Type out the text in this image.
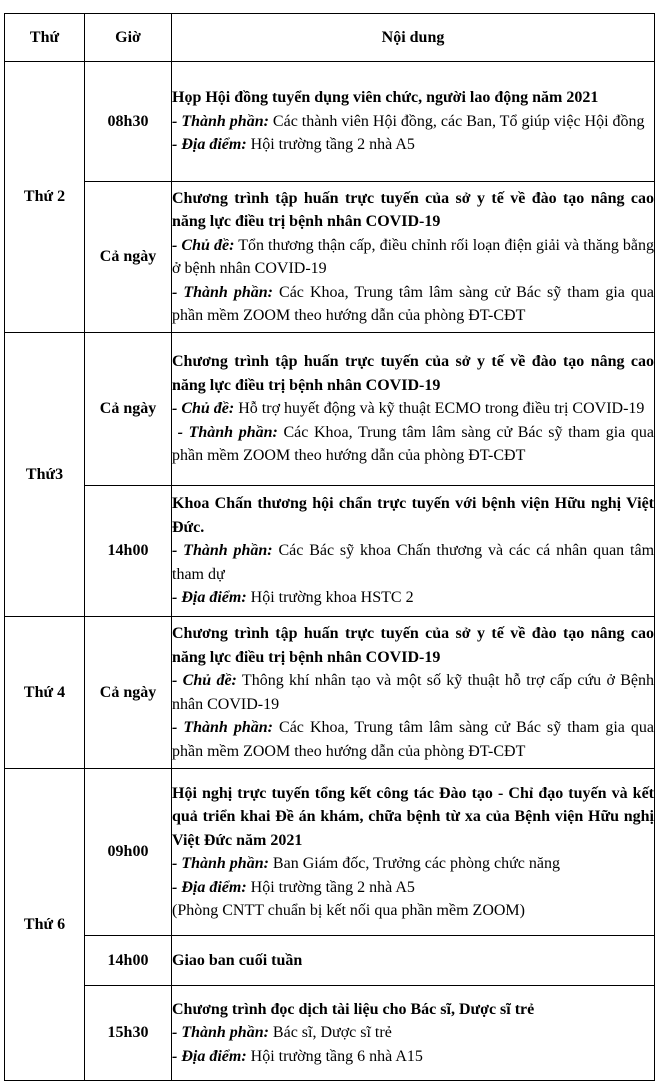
Thứ	Giờ	Nội dung
Thứ 2	08h30	Họp Hội đồng tuyển dụng viên chức, người lao động năm 2021
- Thành phần: Các thành viên Hội đồng, các Ban, Tổ giúp việc Hội đồng
- Địa điểm: Hội trường tầng 2 nhà A5

	Cả ngày	Chương trình tập huấn trực tuyến của sở y tế về đào tạo nâng cao năng lực điều trị bệnh nhân COVID-19
- Chủ đề: Tổn thương thận cấp, điều chỉnh rối loạn điện giải và thăng bằng ở bệnh nhân COVID-19
- Thành phần: Các Khoa, Trung tâm lâm sàng cử Bác sỹ tham gia qua phần mềm ZOOM theo hướng dẫn của phòng ĐT-CĐT

Thứ3	Cả ngày	Chương trình tập huấn trực tuyến của sở y tế về đào tạo nâng cao năng lực điều trị bệnh nhân COVID-19
- Chủ đề: Hỗ trợ huyết động và kỹ thuật ECMO trong điều trị COVID-19
- Thành phần: Các Khoa, Trung tâm lâm sàng cử Bác sỹ tham gia qua phần mềm ZOOM theo hướng dẫn của phòng ĐT-CĐT

	14h00	Khoa Chấn thương hội chẩn trực tuyến với bệnh viện Hữu nghị Việt Đức.
- Thành phần: Các Bác sỹ khoa Chấn thương và các cá nhân quan tâm tham dự
- Địa điểm: Hội trường khoa HSTC 2

Thứ 4	Cả ngày	Chương trình tập huấn trực tuyến của sở y tế về đào tạo nâng cao năng lực điều trị bệnh nhân COVID-19
- Chủ đề: Thông khí nhân tạo và một số kỹ thuật hỗ trợ cấp cứu ở Bệnh nhân COVID-19
- Thành phần: Các Khoa, Trung tâm lâm sàng cử Bác sỹ tham gia qua phần mềm ZOOM theo hướng dẫn của phòng ĐT-CĐT

Thứ 6	09h00	Hội nghị trực tuyến tổng kết công tác Đào tạo - Chỉ đạo tuyến và kết quả triển khai Đề án khám, chữa bệnh từ xa của Bệnh viện Hữu nghị Việt Đức năm 2021
- Thành phần: Ban Giám đốc, Trưởng các phòng chức năng
- Địa điểm: Hội trường tầng 2 nhà A5
(Phòng CNTT chuẩn bị kết nối qua phần mềm ZOOM)

	14h00	Giao ban cuối tuần

	15h30	Chương trình đọc dịch tài liệu cho Bác sĩ, Dược sĩ trẻ
- Thành phần: Bác sĩ, Dược sĩ trẻ
- Địa điểm: Hội trường tầng 6 nhà A15
